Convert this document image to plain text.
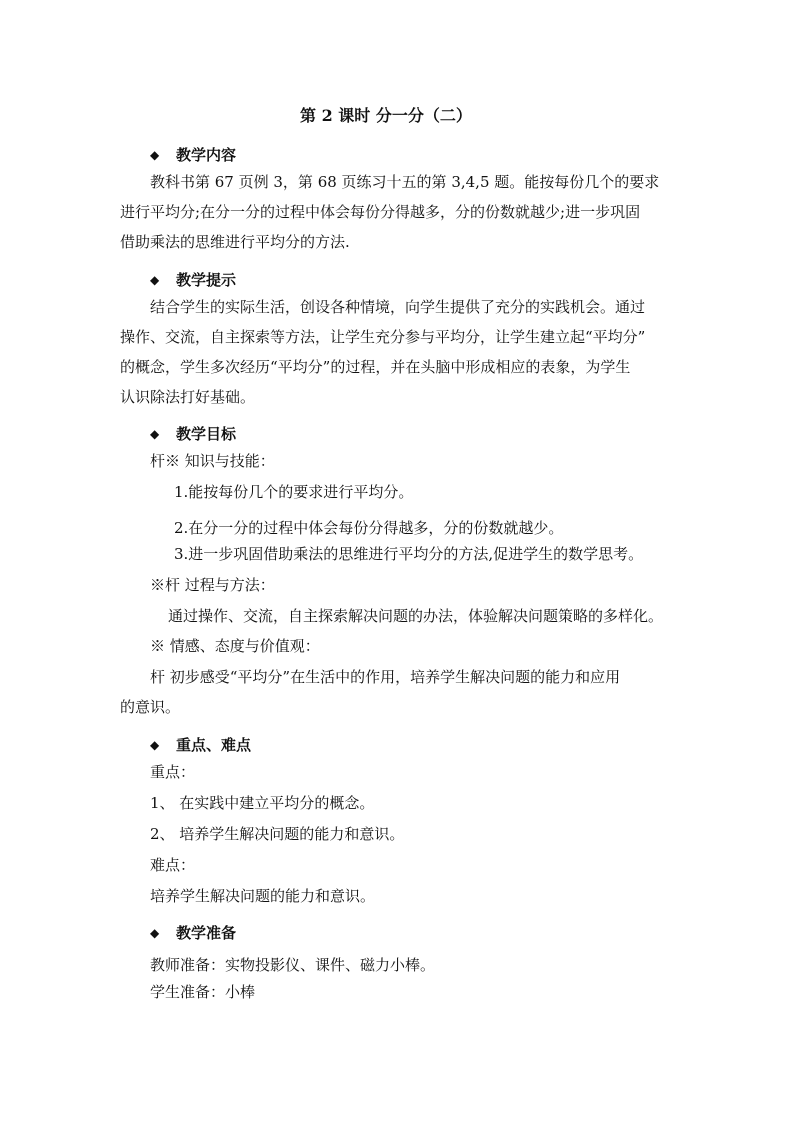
第 2 课时 分一分（二）
◆ 教学内容
教科书第 67 页例 3，第 68 页练习十五的第 3,4,5 题。能按每份几个的要求
进行平均分;在分一分的过程中体会每份分得越多，分的份数就越少;进一步巩固
借助乘法的思维进行平均分的方法.
◆ 教学提示
结合学生的实际生活，创设各种情境，向学生提供了充分的实践机会。通过
操作、交流，自主探索等方法，让学生充分参与平均分，让学生建立起“平均分”
的概念，学生多次经历“平均分”的过程，并在头脑中形成相应的表象，为学生
认识除法打好基础。
◆ 教学目标
杆※ 知识与技能：
1.能按每份几个的要求进行平均分。
2.在分一分的过程中体会每份分得越多，分的份数就越少。
3.进一步巩固借助乘法的思维进行平均分的方法,促进学生的数学思考。
※杆 过程与方法：
通过操作、交流，自主探索解决问题的办法，体验解决问题策略的多样化。
※ 情感、态度与价值观：
杆 初步感受“平均分”在生活中的作用，培养学生解决问题的能力和应用
的意识。
◆ 重点、难点
重点：
1、 在实践中建立平均分的概念。
2、 培养学生解决问题的能力和意识。
难点：
培养学生解决问题的能力和意识。
◆ 教学准备
教师准备：实物投影仪、课件、磁力小棒。
学生准备：小棒
